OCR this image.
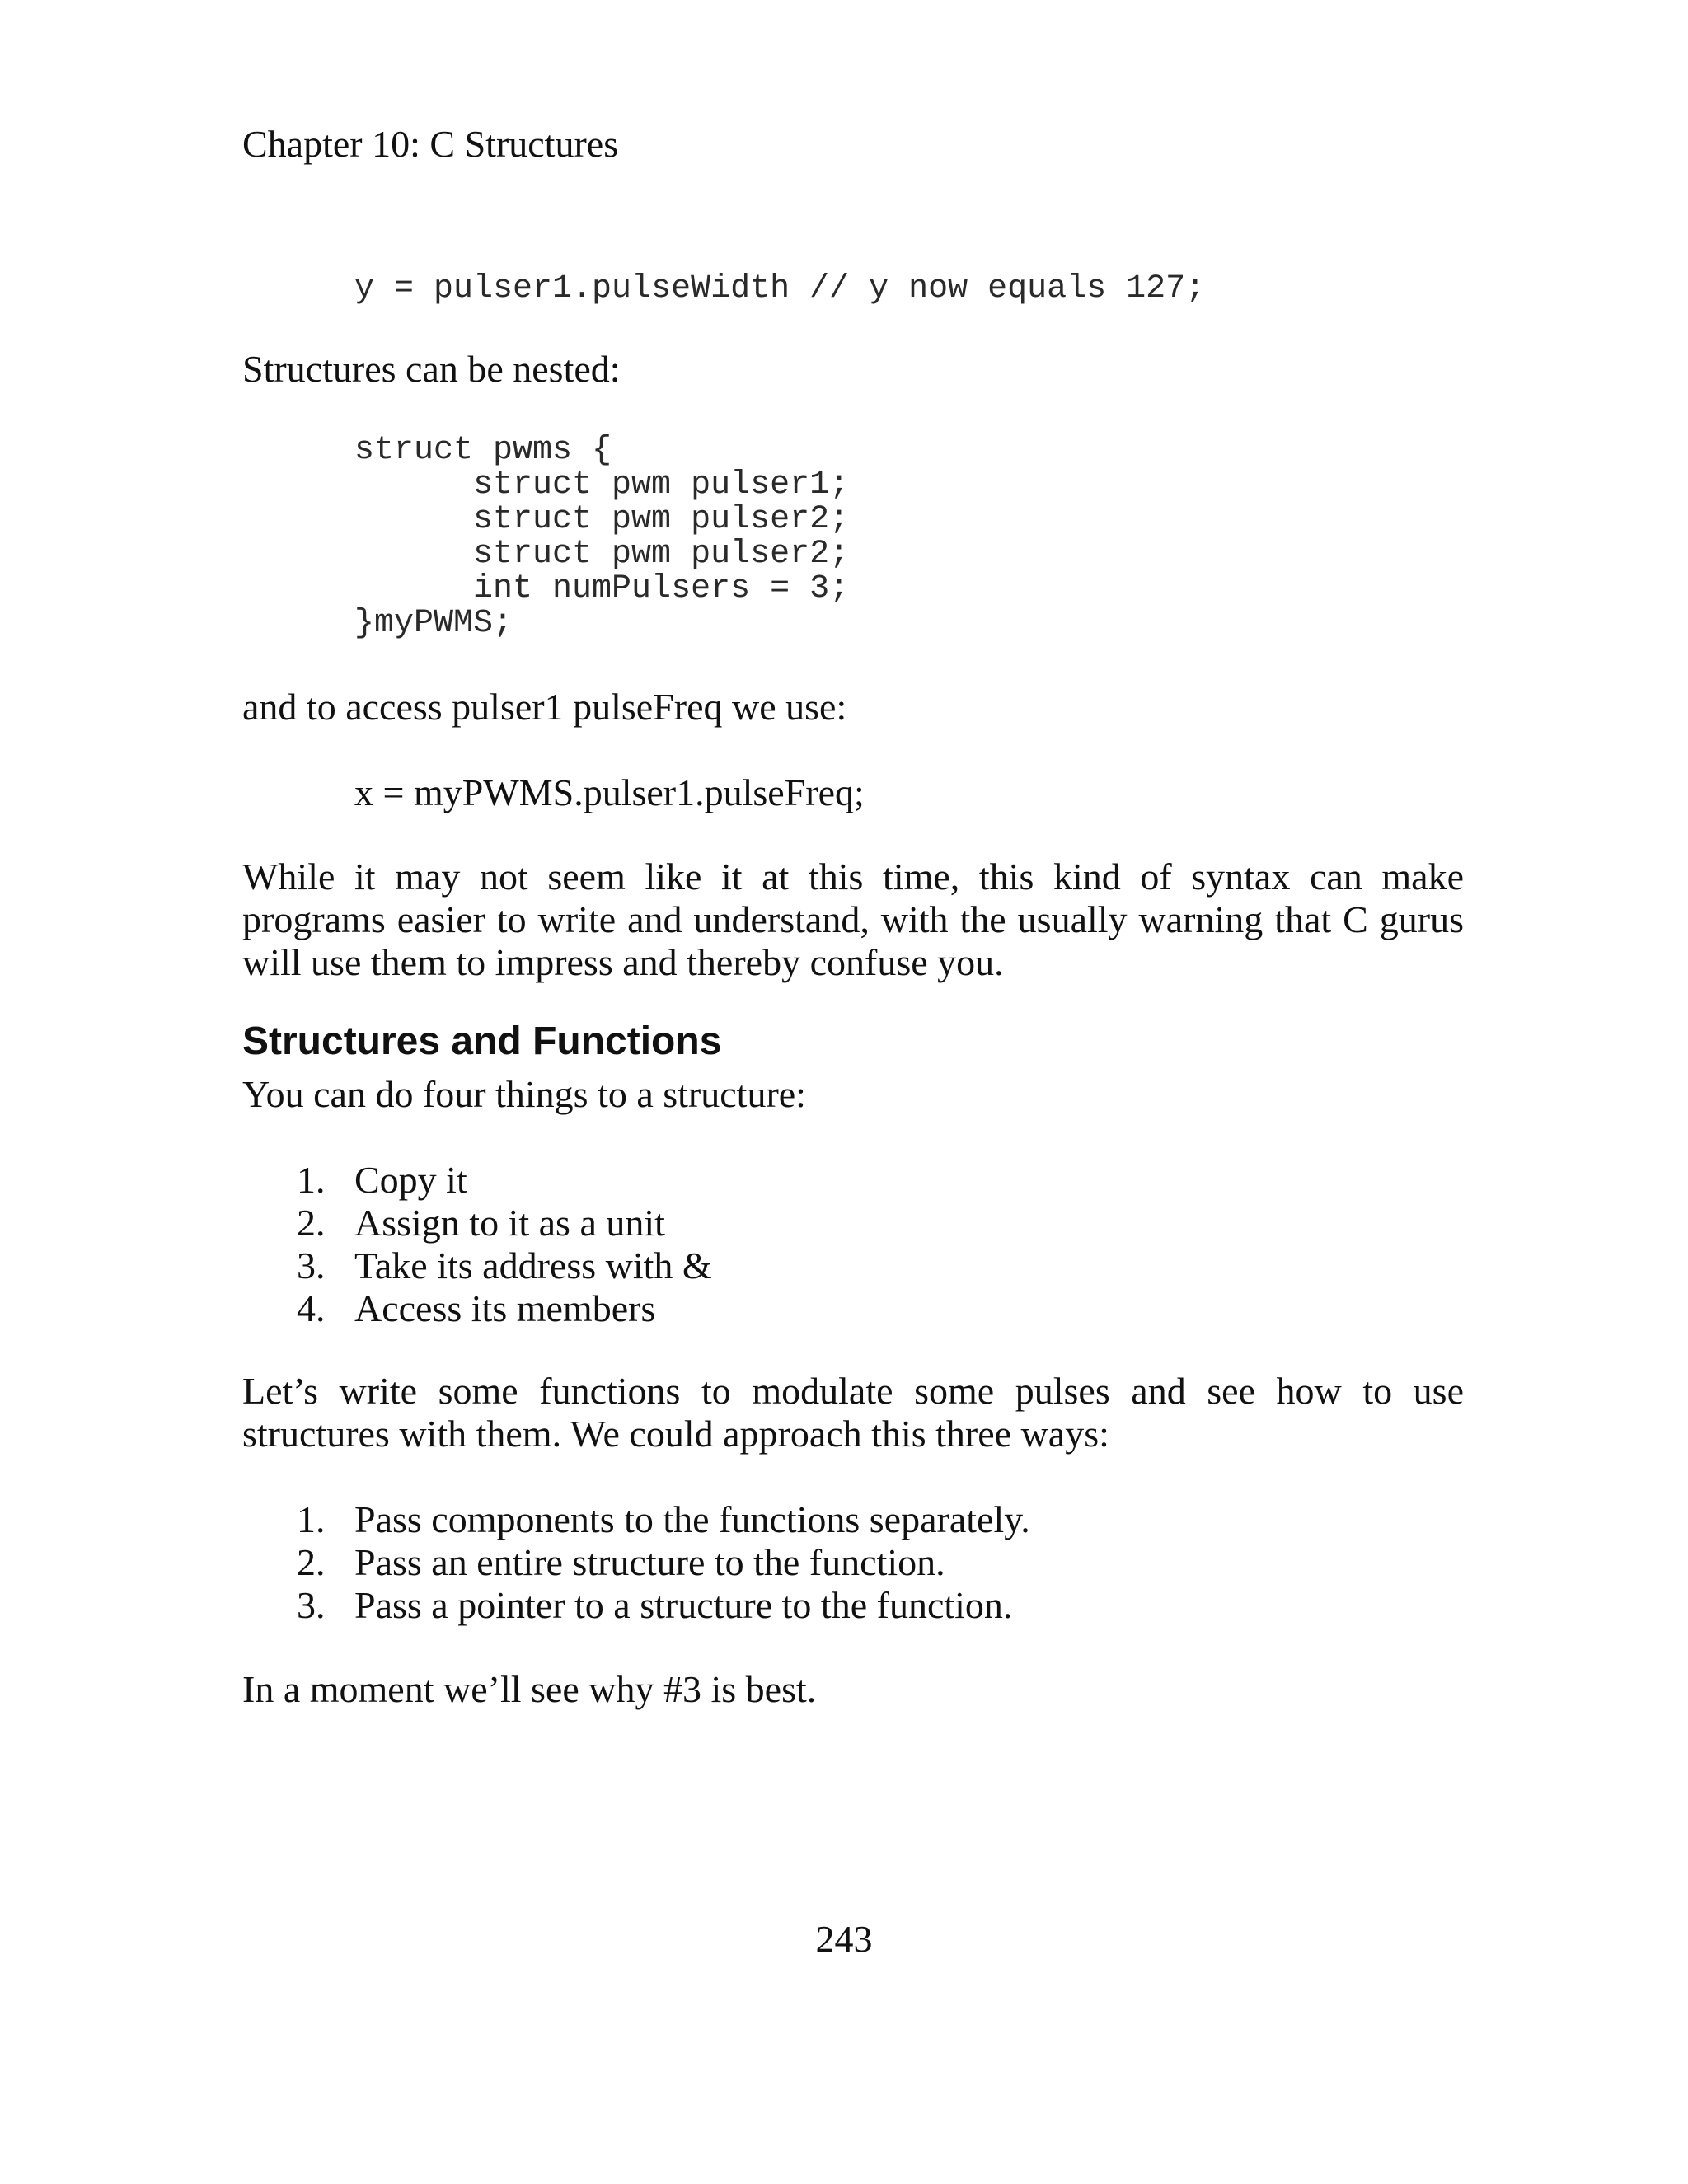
Chapter 10: C Structures
y = pulser1.pulseWidth // y now equals 127;
Structures can be nested:
struct pwms {
struct pwm pulser1;
struct pwm pulser2;
struct pwm pulser2;
int numPulsers = 3;
}myPWMS;
and to access pulser1 pulseFreq we use:
x = myPWMS.pulser1.pulseFreq;
While it may not seem like it at this time, this kind of syntax can make programs easier to write and understand, with the usually warning that C gurus will use them to impress and thereby confuse you.
Structures and Functions
You can do four things to a structure:
1. Copy it
2. Assign to it as a unit
3. Take its address with &
4. Access its members
Let’s write some functions to modulate some pulses and see how to use structures with them. We could approach this three ways:
1. Pass components to the functions separately.
2. Pass an entire structure to the function.
3. Pass a pointer to a structure to the function.
In a moment we’ll see why #3 is best.
243
